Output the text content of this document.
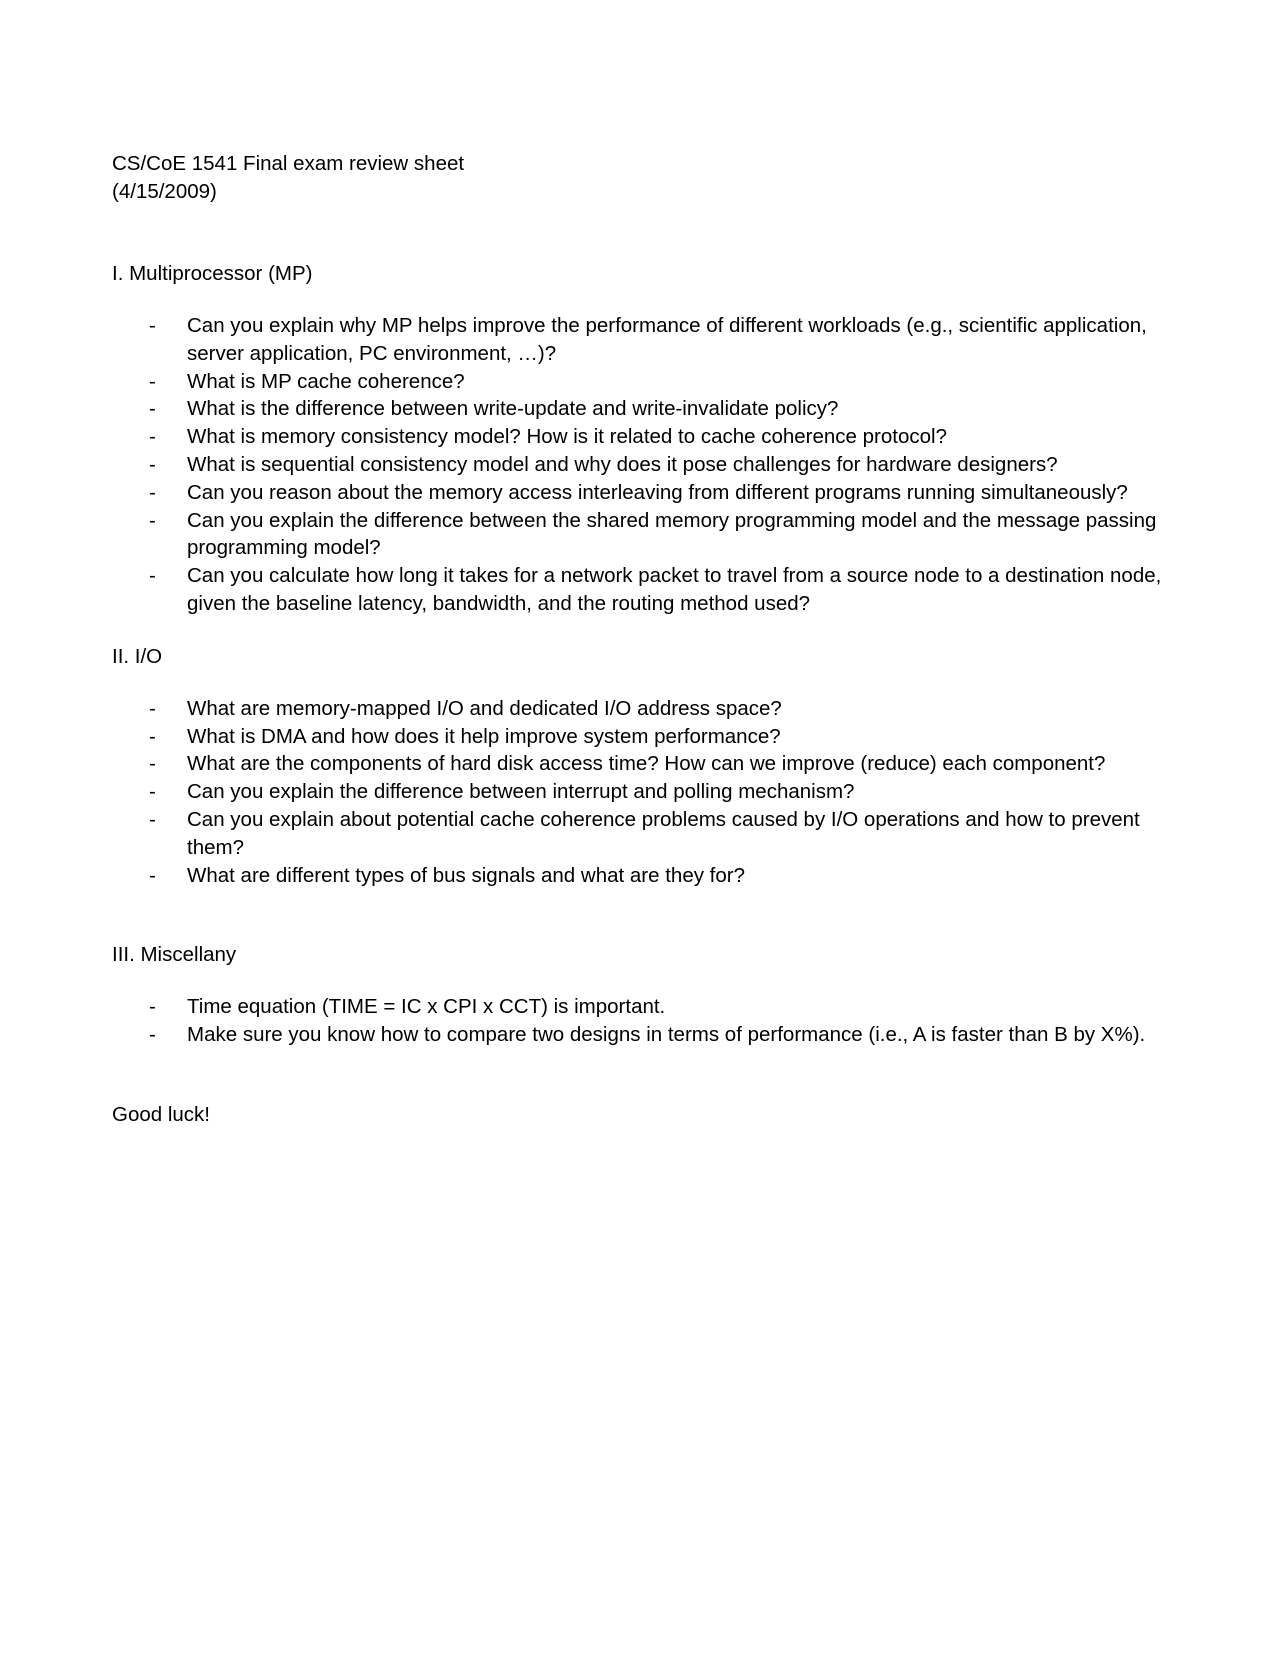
CS/CoE 1541 Final exam review sheet
(4/15/2009)
I. Multiprocessor (MP)
- Can you explain why MP helps improve the performance of different workloads (e.g., scientific application, server application, PC environment, …)?
- What is MP cache coherence?
- What is the difference between write-update and write-invalidate policy?
- What is memory consistency model? How is it related to cache coherence protocol?
- What is sequential consistency model and why does it pose challenges for hardware designers?
- Can you reason about the memory access interleaving from different programs running simultaneously?
- Can you explain the difference between the shared memory programming model and the message passing programming model?
- Can you calculate how long it takes for a network packet to travel from a source node to a destination node, given the baseline latency, bandwidth, and the routing method used?
II. I/O
- What are memory-mapped I/O and dedicated I/O address space?
- What is DMA and how does it help improve system performance?
- What are the components of hard disk access time? How can we improve (reduce) each component?
- Can you explain the difference between interrupt and polling mechanism?
- Can you explain about potential cache coherence problems caused by I/O operations and how to prevent them?
- What are different types of bus signals and what are they for?
III. Miscellany
- Time equation (TIME = IC x CPI x CCT) is important.
- Make sure you know how to compare two designs in terms of performance (i.e., A is faster than B by X%).
Good luck!
